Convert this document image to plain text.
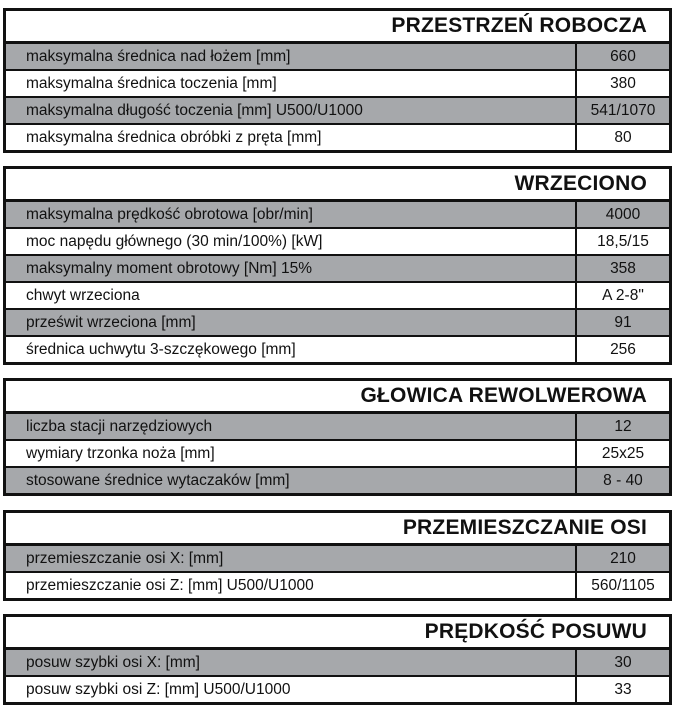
PRZESTRZEŃ ROBOCZA
maksymalna średnica nad łożem [mm]	660
maksymalna średnica toczenia [mm]	380
maksymalna długość toczenia [mm] U500/U1000	541/1070
maksymalna średnica obróbki z pręta [mm]	80
WRZECIONO
maksymalna prędkość obrotowa [obr/min]	4000
moc napędu głównego (30 min/100%) [kW]	18,5/15
maksymalny moment obrotowy [Nm] 15%	358
chwyt wrzeciona	A 2-8"
prześwit wrzeciona [mm]	91
średnica uchwytu 3-szczękowego [mm]	256
GŁOWICA REWOLWEROWA
liczba stacji narzędziowych	12
wymiary trzonka noża [mm]	25x25
stosowane średnice wytaczaków [mm]	8 - 40
PRZEMIESZCZANIE OSI
przemieszczanie osi X: [mm]	210
przemieszczanie osi Z: [mm] U500/U1000	560/1105
PRĘDKOŚĆ POSUWU
posuw szybki osi X: [mm]	30
posuw szybki osi Z: [mm] U500/U1000	33
